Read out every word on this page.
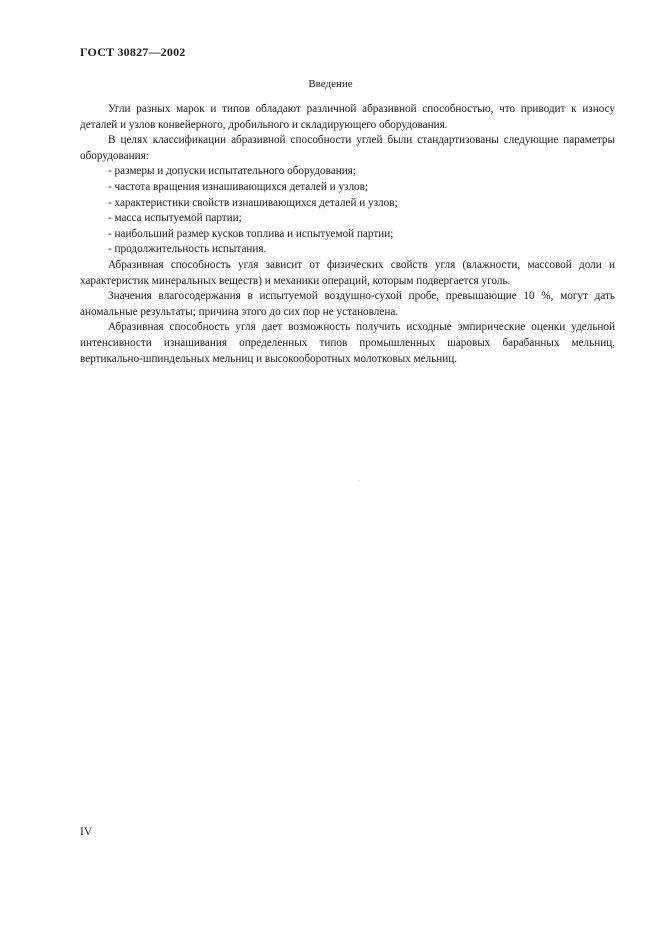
ГОСТ 30827—2002
Введение

Угли разных марок и типов обладают различной абразивной способностью, что приводит к износу деталей и узлов конвейерного, дробильного и складирующего оборудования.

В целях классификации абразивной способности углей были стандартизованы следующие параметры оборудования:

- размеры и допуски испытательного оборудования;
- частота вращения изнашивающихся деталей и узлов;
- характеристики свойств изнашивающихся деталей и узлов;
- масса испытуемой партии;
- наибольший размер кусков топлива и испытуемой партии;
- продолжительность испытания.

Абразивная способность угля зависит от физических свойств угля (влажности, массовой доли и характеристик минеральных веществ) и механики операций, которым подвергается уголь.

Значения влагосодержания в испытуемой воздушно-сухой пробе, превышающие 10 %, могут дать аномальные результаты; причина этого до сих пор не установлена.

Абразивная способность угля дает возможность получить исходные эмпирические оценки удельной интенсивности изнашивания определенных типов промышленных шаровых барабанных мельниц, вертикально-шпиндельных мельниц и высокооборотных молотковых мельниц.

IV
